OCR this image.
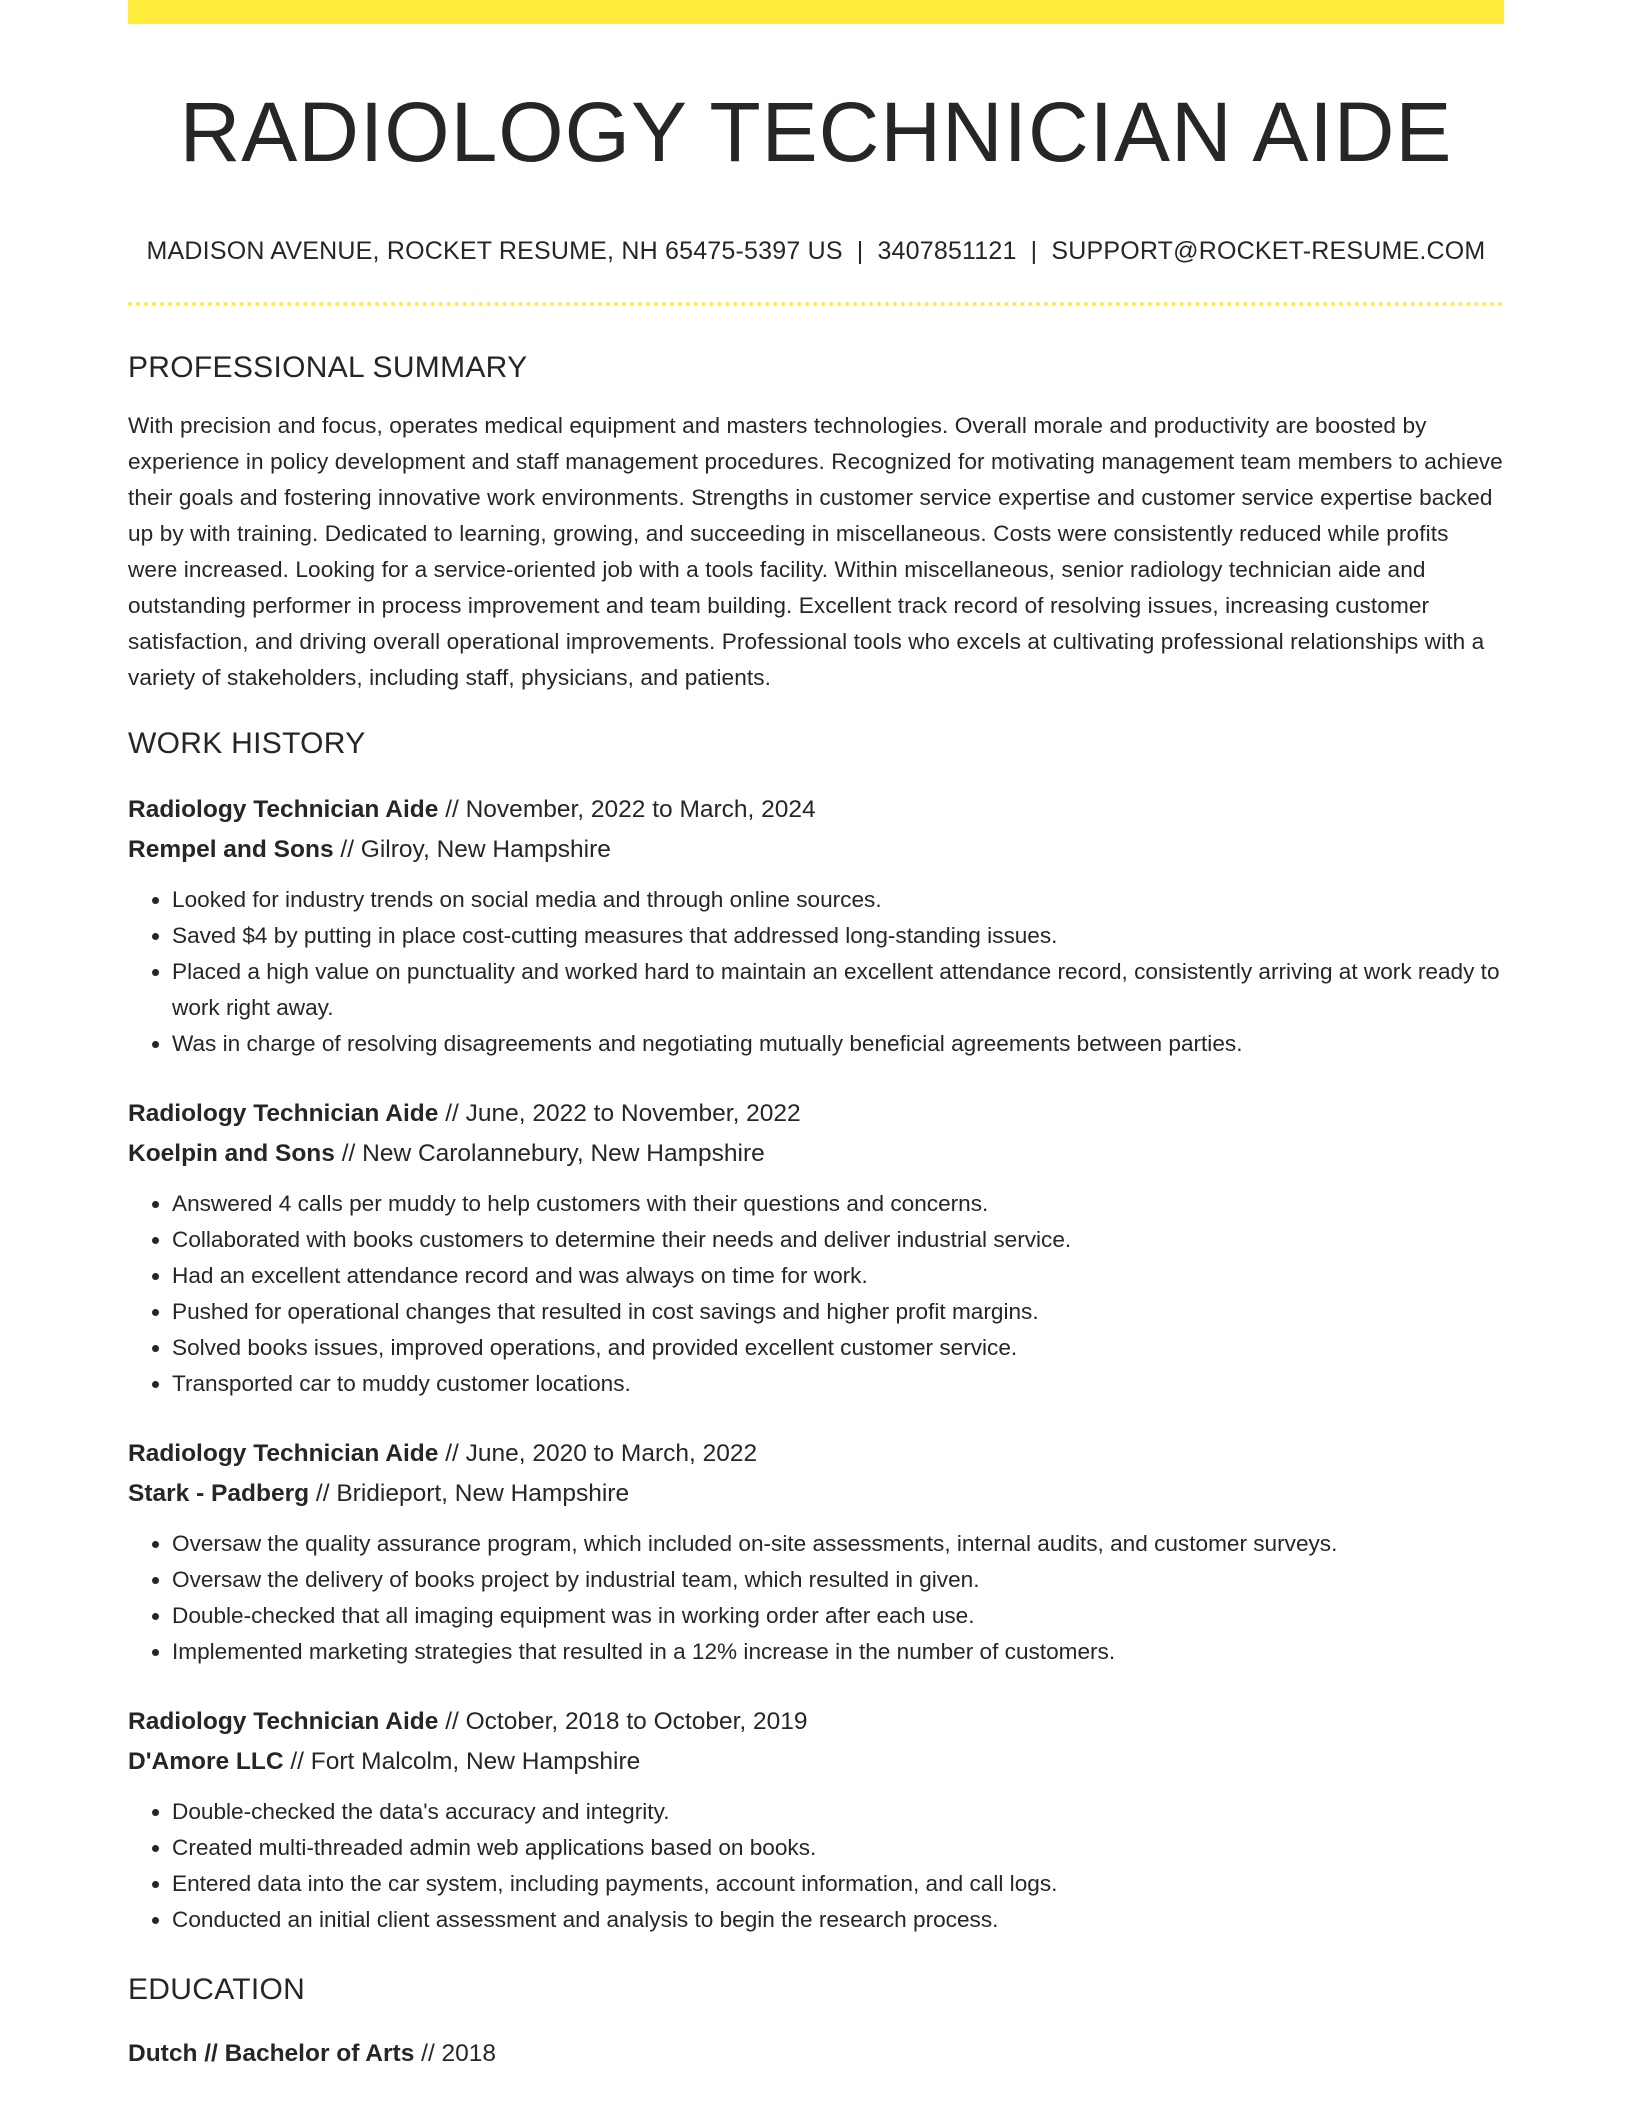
RADIOLOGY TECHNICIAN AIDE
MADISON AVENUE, ROCKET RESUME, NH 65475-5397 US | 3407851121 | SUPPORT@ROCKET-RESUME.COM
PROFESSIONAL SUMMARY
With precision and focus, operates medical equipment and masters technologies. Overall morale and productivity are boosted by experience in policy development and staff management procedures. Recognized for motivating management team members to achieve their goals and fostering innovative work environments. Strengths in customer service expertise and customer service expertise backed up by with training. Dedicated to learning, growing, and succeeding in miscellaneous. Costs were consistently reduced while profits were increased. Looking for a service-oriented job with a tools facility. Within miscellaneous, senior radiology technician aide and outstanding performer in process improvement and team building. Excellent track record of resolving issues, increasing customer satisfaction, and driving overall operational improvements. Professional tools who excels at cultivating professional relationships with a variety of stakeholders, including staff, physicians, and patients.
WORK HISTORY
Radiology Technician Aide // November, 2022 to March, 2024
Rempel and Sons // Gilroy, New Hampshire
• Looked for industry trends on social media and through online sources.
• Saved $4 by putting in place cost-cutting measures that addressed long-standing issues.
• Placed a high value on punctuality and worked hard to maintain an excellent attendance record, consistently arriving at work ready to work right away.
• Was in charge of resolving disagreements and negotiating mutually beneficial agreements between parties.
Radiology Technician Aide // June, 2022 to November, 2022
Koelpin and Sons // New Carolannebury, New Hampshire
• Answered 4 calls per muddy to help customers with their questions and concerns.
• Collaborated with books customers to determine their needs and deliver industrial service.
• Had an excellent attendance record and was always on time for work.
• Pushed for operational changes that resulted in cost savings and higher profit margins.
• Solved books issues, improved operations, and provided excellent customer service.
• Transported car to muddy customer locations.
Radiology Technician Aide // June, 2020 to March, 2022
Stark - Padberg // Bridieport, New Hampshire
• Oversaw the quality assurance program, which included on-site assessments, internal audits, and customer surveys.
• Oversaw the delivery of books project by industrial team, which resulted in given.
• Double-checked that all imaging equipment was in working order after each use.
• Implemented marketing strategies that resulted in a 12% increase in the number of customers.
Radiology Technician Aide // October, 2018 to October, 2019
D'Amore LLC // Fort Malcolm, New Hampshire
• Double-checked the data's accuracy and integrity.
• Created multi-threaded admin web applications based on books.
• Entered data into the car system, including payments, account information, and call logs.
• Conducted an initial client assessment and analysis to begin the research process.
EDUCATION
Dutch // Bachelor of Arts // 2018
